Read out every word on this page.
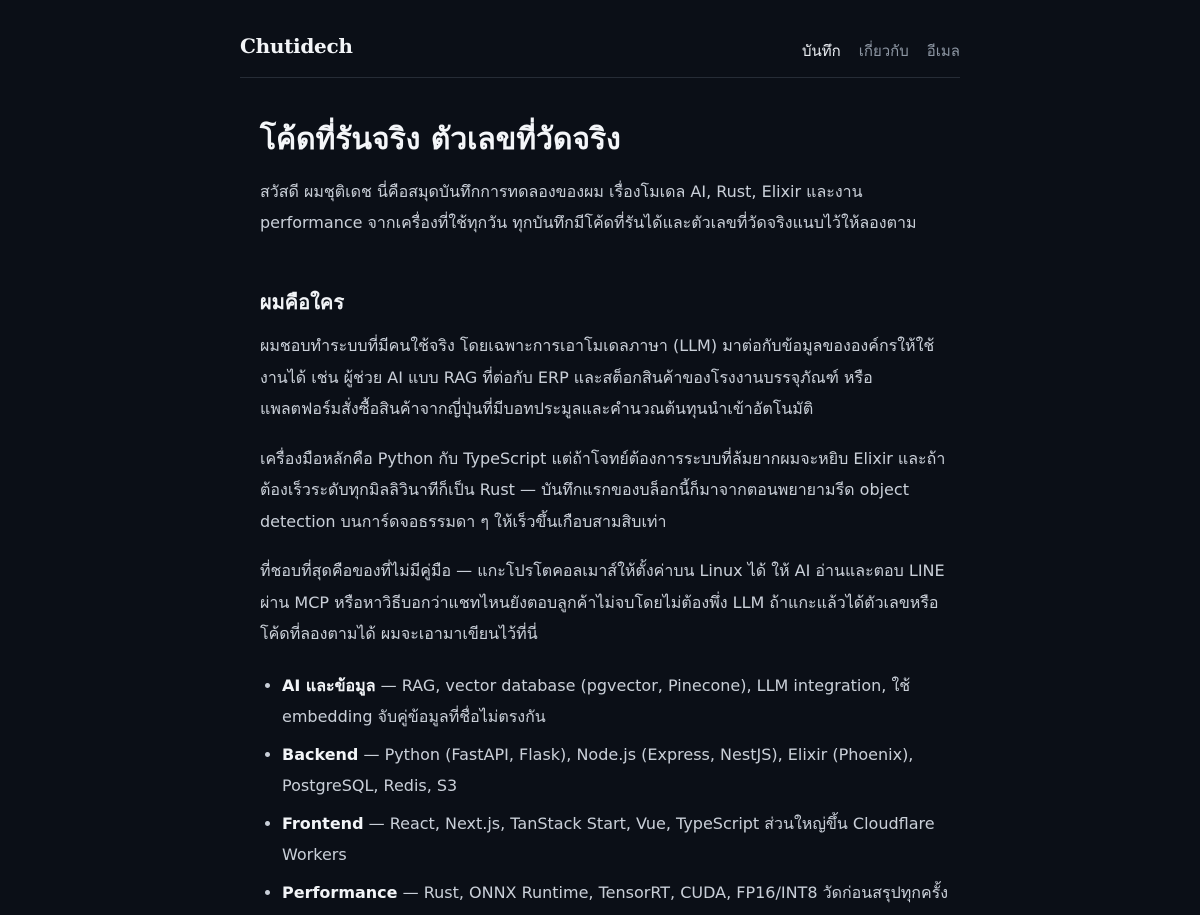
Chutidech	บันทึก เกี่ยวกับ อีเมล
โค้ดที่รันจริง ตัวเลขที่วัดจริง

สวัสดี ผมชุติเดช นี่คือสมุดบันทึกการทดลองของผม เรื่องโมเดล AI, Rust, Elixir และงาน performance จากเครื่องที่ใช้ทุกวัน ทุกบันทึกมีโค้ดที่รันได้และตัวเลขที่วัดจริงแนบไว้ให้ลองตาม

ผมคือใคร

ผมชอบทำระบบที่มีคนใช้จริง โดยเฉพาะการเอาโมเดลภาษา (LLM) มาต่อกับข้อมูลขององค์กรให้ใช้งานได้ เช่น ผู้ช่วย AI แบบ RAG ที่ต่อกับ ERP และสต็อกสินค้าของโรงงานบรรจุภัณฑ์ หรือแพลตฟอร์มสั่งซื้อสินค้าจากญี่ปุ่นที่มีบอทประมูลและคำนวณต้นทุนนำเข้าอัตโนมัติ

เครื่องมือหลักคือ Python กับ TypeScript แต่ถ้าโจทย์ต้องการระบบที่ล้มยากผมจะหยิบ Elixir และถ้าต้องเร็วระดับทุกมิลลิวินาทีก็เป็น Rust — บันทึกแรกของบล็อกนี้ก็มาจากตอนพยายามรีด object detection บนการ์ดจอธรรมดา ๆ ให้เร็วขึ้นเกือบสามสิบเท่า

ที่ชอบที่สุดคือของที่ไม่มีคู่มือ — แกะโปรโตคอลเมาส์ให้ตั้งค่าบน Linux ได้ ให้ AI อ่านและตอบ LINE ผ่าน MCP หรือหาวิธีบอกว่าแชทไหนยังตอบลูกค้าไม่จบโดยไม่ต้องพึ่ง LLM ถ้าแกะแล้วได้ตัวเลขหรือโค้ดที่ลองตามได้ ผมจะเอามาเขียนไว้ที่นี่

• AI และข้อมูล — RAG, vector database (pgvector, Pinecone), LLM integration, ใช้ embedding จับคู่ข้อมูลที่ชื่อไม่ตรงกัน
• Backend — Python (FastAPI, Flask), Node.js (Express, NestJS), Elixir (Phoenix), PostgreSQL, Redis, S3
• Frontend — React, Next.js, TanStack Start, Vue, TypeScript ส่วนใหญ่ขึ้น Cloudflare Workers
• Performance — Rust, ONNX Runtime, TensorRT, CUDA, FP16/INT8 วัดก่อนสรุปทุกครั้ง
